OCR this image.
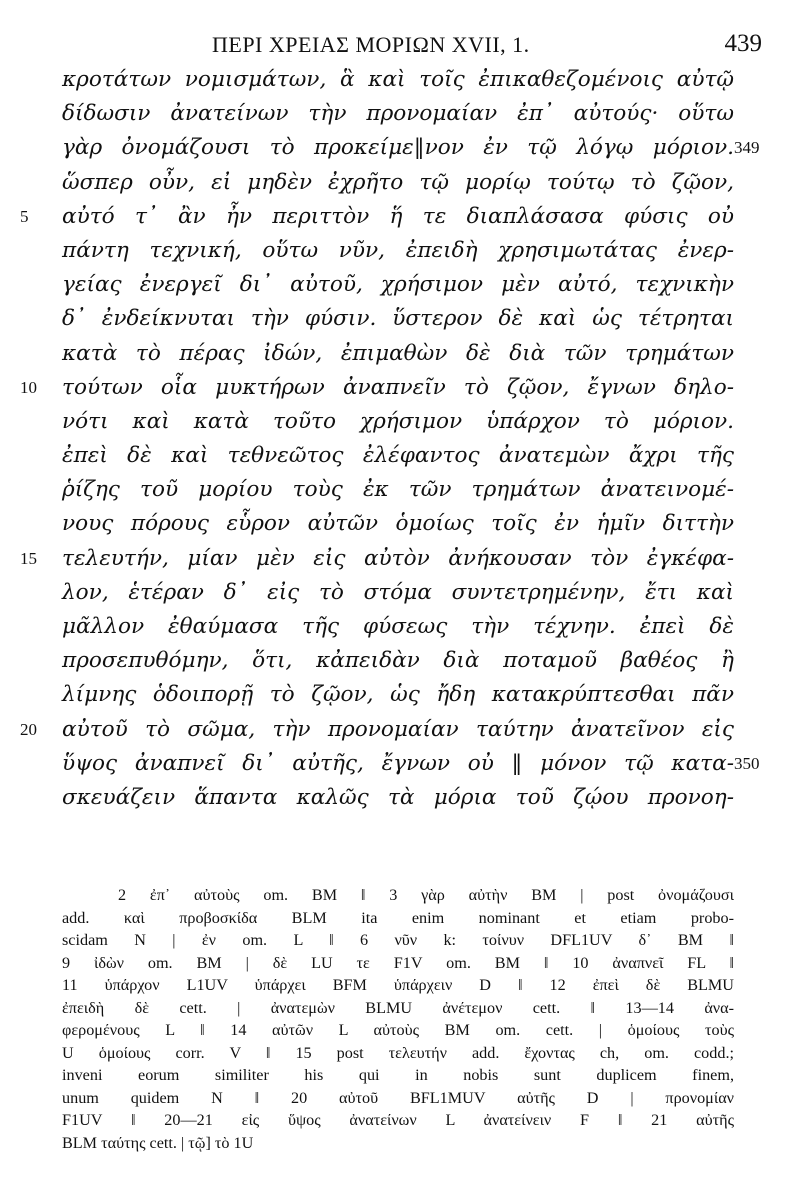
ΠΕΡΙ ΧΡΕΙΑΣ ΜΟΡΙΩΝ XVII, 1.	439
κροτάτων νομισμάτων, ἃ καὶ τοῖς ἐπικαθεζομένοις αὐτῷ
δίδωσιν ἀνατείνων τὴν προνομαίαν ἐπ᾽ αὐτούς· οὕτω
γὰρ ὀνομάζουσι τὸ προκείμε‖νον ἐν τῷ λόγῳ μόριον. 349
ὥσπερ οὖν, εἰ μηδὲν ἐχρῆτο τῷ μορίῳ τούτῳ τὸ ζῷον,
5	αὐτό τ᾽ ἂν ἦν περιττὸν ἥ τε διαπλάσασα φύσις οὐ
πάντη τεχνική, οὕτω νῦν, ἐπειδὴ χρησιμωτάτας ἐνερ-
γείας ἐνεργεῖ δι᾽ αὐτοῦ, χρήσιμον μὲν αὐτό, τεχνικὴν
δ᾽ ἐνδείκνυται τὴν φύσιν. ὕστερον δὲ καὶ ὡς τέτρηται
κατὰ τὸ πέρας ἰδών, ἐπιμαθὼν δὲ διὰ τῶν τρημάτων
10	τούτων οἷα μυκτήρων ἀναπνεῖν τὸ ζῷον, ἔγνων δηλο-
νότι καὶ κατὰ τοῦτο χρήσιμον ὑπάρχον τὸ μόριον.
ἐπεὶ δὲ καὶ τεθνεῶτος ἐλέφαντος ἀνατεμὼν ἄχρι τῆς
ῥίζης τοῦ μορίου τοὺς ἐκ τῶν τρημάτων ἀνατεινομέ-
νους πόρους εὗρον αὐτῶν ὁμοίως τοῖς ἐν ἡμῖν διττὴν
15	τελευτήν, μίαν μὲν εἰς αὐτὸν ἀνήκουσαν τὸν ἐγκέφα-
λον, ἑτέραν δ᾽ εἰς τὸ στόμα συντετρημένην, ἔτι καὶ
μᾶλλον ἐθαύμασα τῆς φύσεως τὴν τέχνην. ἐπεὶ δὲ
προσεπυθόμην, ὅτι, κἀπειδὰν διὰ ποταμοῦ βαθέος ἢ
λίμνης ὁδοιπορῇ τὸ ζῷον, ὡς ἤδη κατακρύπτεσθαι πᾶν
20	αὐτοῦ τὸ σῶμα, τὴν προνομαίαν ταύτην ἀνατεῖνον εἰς
ὕψος ἀναπνεῖ δι᾽ αὐτῆς, ἔγνων οὐ ‖ μόνον τῷ κατα- 350
σκευάζειν ἅπαντα καλῶς τὰ μόρια τοῦ ζῴου προνοη-
2 ἐπ᾽ αὐτοὺς om. BM ‖ 3 γὰρ αὐτὴν BM | post ὀνομάζουσι
add. καὶ προβοσκίδα BLM ita enim nominant et etiam probo-
scidam N | ἐν om. L ‖ 6 νῦν k: τοίνυν DFL1UV δ᾽ BM ‖
9 ἰδὼν om. BM | δὲ LU τε F1V om. BM ‖ 10 ἀναπνεῖ FL ‖
11 ὑπάρχον L1UV ὑπάρχει BFM ὑπάρχειν D ‖ 12 ἐπεὶ δὲ BLMU
ἐπειδὴ δὲ cett. | ἀνατεμὼν BLMU ἀνέτεμον cett. ‖ 13—14 ἀνα-
φερομένους L ‖ 14 αὐτῶν L αὐτοὺς BM om. cett. | ὁμοίους τοὺς
U ὁμοίους corr. V ‖ 15 post τελευτήν add. ἔχοντας ch, om. codd.;
inveni eorum similiter his qui in nobis sunt duplicem finem,
unum quidem N ‖ 20 αὐτοῦ BFL1MUV αὐτῆς D | προνομίαν
F1UV ‖ 20—21 εἰς ὕψος ἀνατείνων L ἀνατείνειν F ‖ 21 αὐτῆς
BLM ταύτης cett. | τῷ] τὸ 1U
